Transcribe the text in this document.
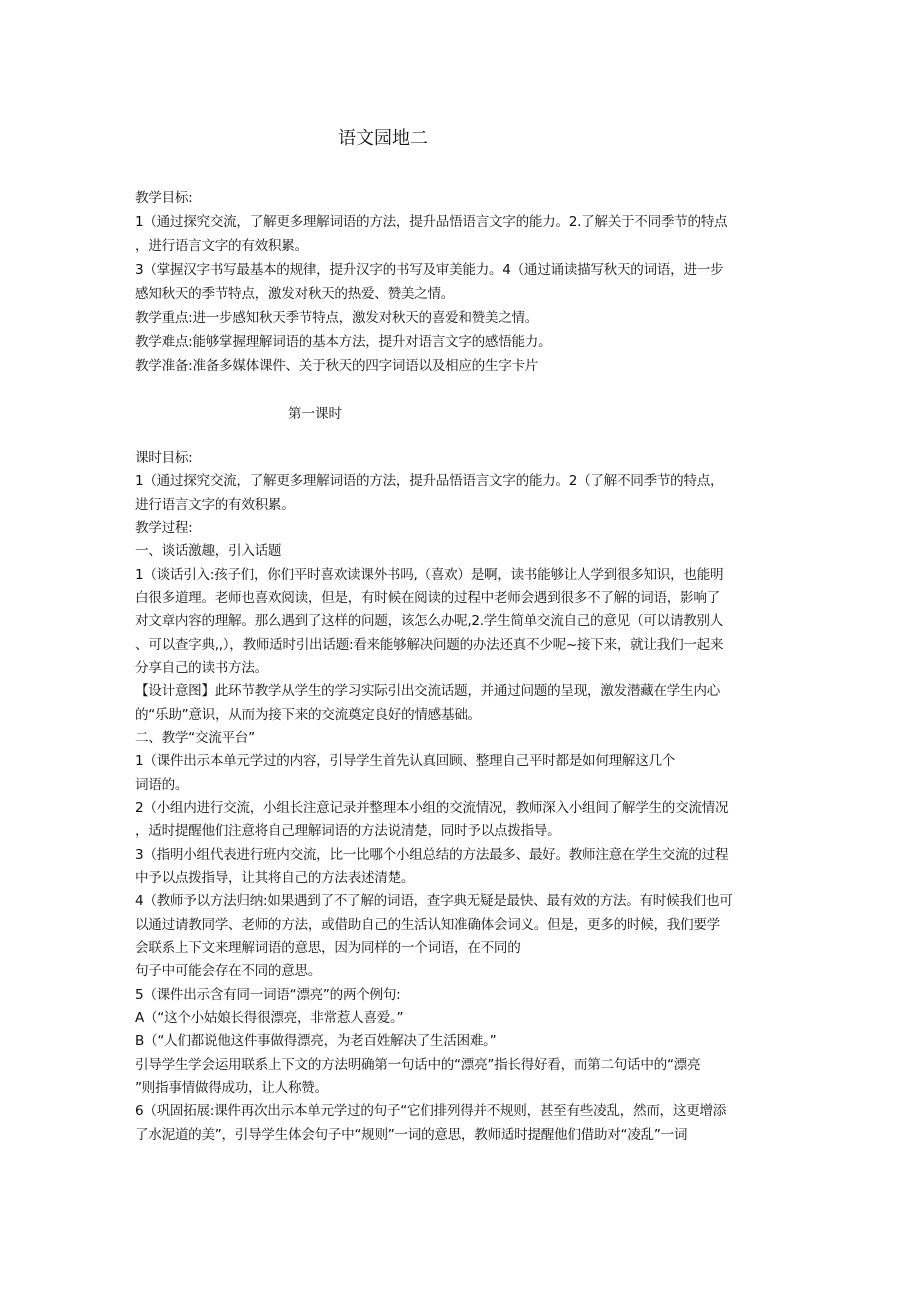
语文园地二
教学目标:
1（通过探究交流，了解更多理解词语的方法，提升品悟语言文字的能力。2.了解关于不同季节的特点
，进行语言文字的有效积累。
3（掌握汉字书写最基本的规律，提升汉字的书写及审美能力。4（通过诵读描写秋天的词语，进一步
感知秋天的季节特点，激发对秋天的热爱、赞美之情。
教学重点:进一步感知秋天季节特点，激发对秋天的喜爱和赞美之情。
教学难点:能够掌握理解词语的基本方法，提升对语言文字的感悟能力。
教学准备:准备多媒体课件、关于秋天的四字词语以及相应的生字卡片
第一课时
课时目标:
1（通过探究交流，了解更多理解词语的方法，提升品悟语言文字的能力。2（了解不同季节的特点，
进行语言文字的有效积累。
教学过程:
一、谈话激趣，引入话题
1（谈话引入:孩子们，你们平时喜欢读课外书吗,（喜欢）是啊，读书能够让人学到很多知识，也能明
白很多道理。老师也喜欢阅读，但是，有时候在阅读的过程中老师会遇到很多不了解的词语，影响了
对文章内容的理解。那么遇到了这样的问题，该怎么办呢,2.学生简单交流自己的意见（可以请教别人
、可以查字典,,），教师适时引出话题:看来能够解决问题的办法还真不少呢~接下来，就让我们一起来
分享自己的读书方法。
【设计意图】此环节教学从学生的学习实际引出交流话题，并通过问题的呈现，激发潜藏在学生内心
的“乐助”意识，从而为接下来的交流奠定良好的情感基础。
二、教学“交流平台”
1（课件出示本单元学过的内容，引导学生首先认真回顾、整理自己平时都是如何理解这几个
词语的。
2（小组内进行交流，小组长注意记录并整理本小组的交流情况，教师深入小组间了解学生的交流情况
，适时提醒他们注意将自己理解词语的方法说清楚，同时予以点拨指导。
3（指明小组代表进行班内交流，比一比哪个小组总结的方法最多、最好。教师注意在学生交流的过程
中予以点拨指导，让其将自己的方法表述清楚。
4（教师予以方法归纳:如果遇到了不了解的词语，查字典无疑是最快、最有效的方法。有时候我们也可
以通过请教同学、老师的方法，或借助自己的生活认知准确体会词义。但是，更多的时候，我们要学
会联系上下文来理解词语的意思，因为同样的一个词语，在不同的
句子中可能会存在不同的意思。
5（课件出示含有同一词语“漂亮”的两个例句:
A（“这个小姑娘长得很漂亮，非常惹人喜爱。”
B（“人们都说他这件事做得漂亮，为老百姓解决了生活困难。”
引导学生学会运用联系上下文的方法明确第一句话中的“漂亮”指长得好看，而第二句话中的“漂亮
”则指事情做得成功，让人称赞。
6（巩固拓展:课件再次出示本单元学过的句子“它们排列得并不规则，甚至有些凌乱，然而，这更增添
了水泥道的美”，引导学生体会句子中“规则”一词的意思，教师适时提醒他们借助对“凌乱”一词
